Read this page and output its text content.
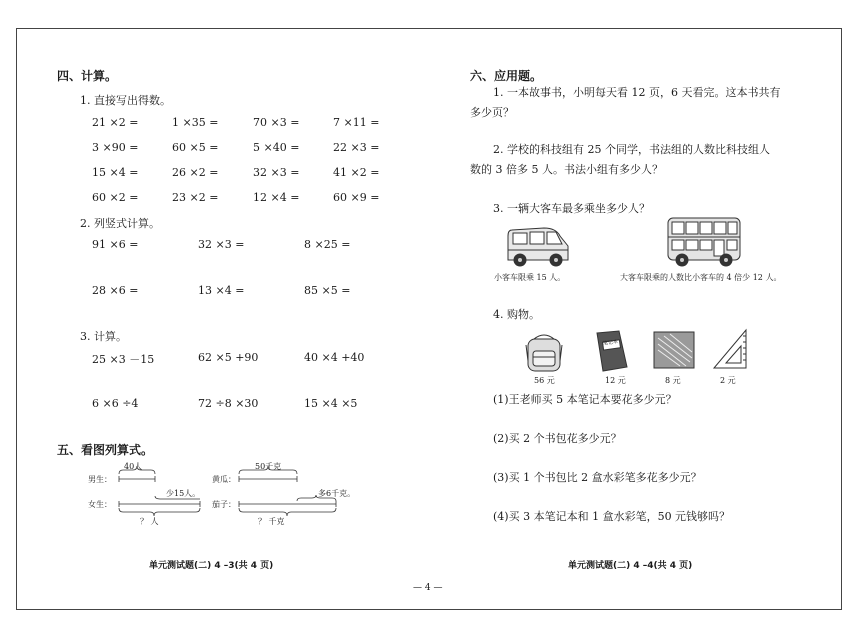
四、计算。
1. 直接写出得数。
21 ×2 =	1 ×35 =	70 ×3 =	7 ×11 =
3 ×90 =	60 ×5 =	5 ×40 =	22 ×3 =
15 ×4 =	26 ×2 =	32 ×3 =	41 ×2 =
60 ×2 =	23 ×2 =	12 ×4 =	60 ×9 =
2. 列竖式计算。
91 ×6 =	32 ×3 =	8 ×25 =
28 ×6 =	13 ×4 =	85 ×5 =
3. 计算。
25 ×3 －15	62 ×5 +90	40 ×4 +40
6 ×6 ÷4	72 ÷8 ×30	15 ×4 ×5
五、看图列算式。
男生：
女生：
40人
少15人。
？ 人
黄瓜：
茄子：
50千克
多6千克。
？ 千克
单元测试题(二) 4 –3(共 4 页)
六、应用题。
1. 一本故事书，小明每天看 12 页，6 天看完。这本书共有
多少页？
2. 学校的科技组有 25 个同学，书法组的人数比科技组人
数的 3 倍多 5 人。书法小组有多少人？
3. 一辆大客车最多乘坐多少人？
小客车限乘 15 人。	大客车限乘的人数比小客车的 4 倍少 12 人。
4. 购物。
56 元
笔记本
12 元	8 元	2 元
(1)王老师买 5 本笔记本要花多少元？
(2)买 2 个书包花多少元？
(3)买 1 个书包比 2 盒水彩笔多花多少元？
(4)买 3 本笔记本和 1 盒水彩笔，50 元钱够吗？
单元测试题(二) 4 –4(共 4 页)
— 4 —
